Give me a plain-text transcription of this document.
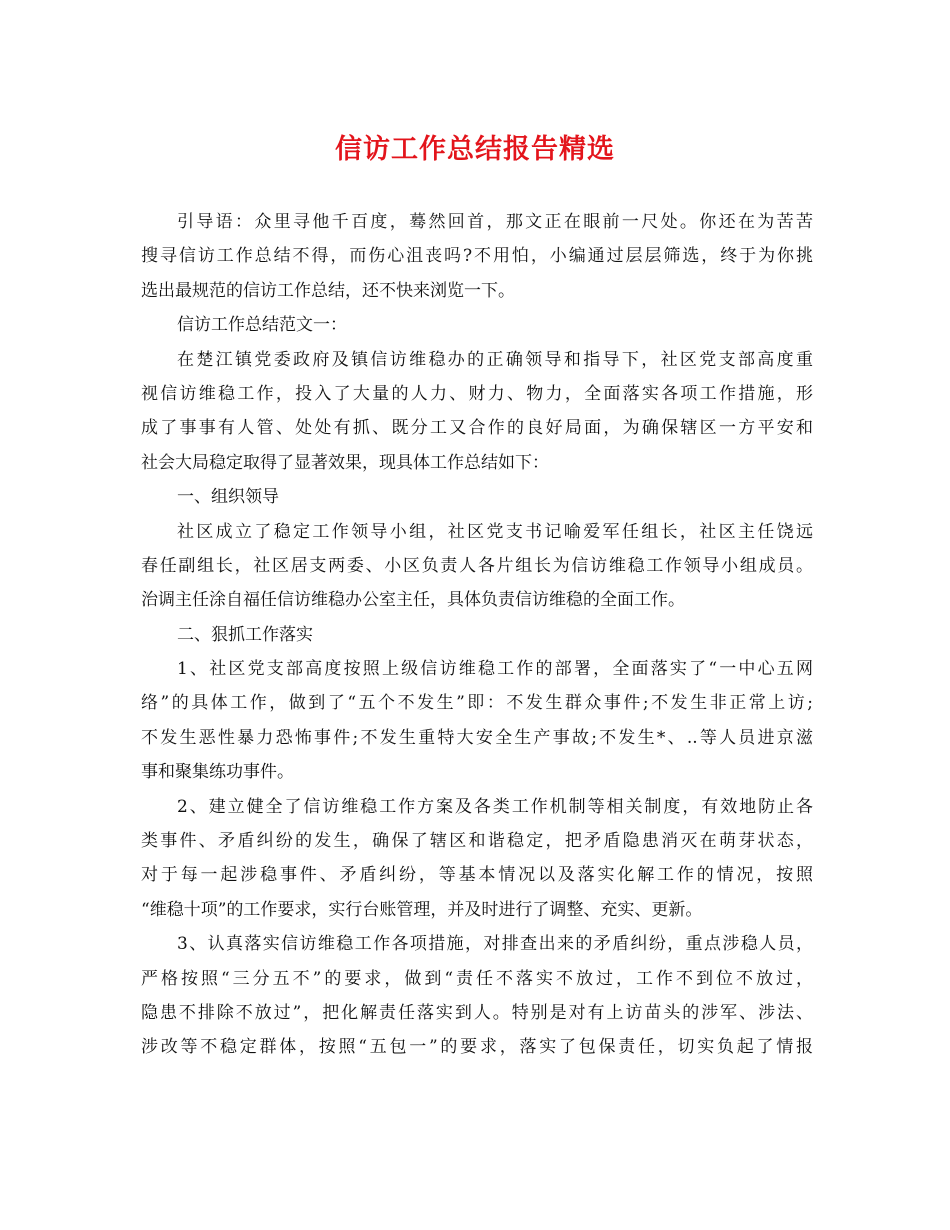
信访工作总结报告精选
引导语：众里寻他千百度，蓦然回首，那文正在眼前一尺处。你还在为苦苦
搜寻信访工作总结不得，而伤心沮丧吗?不用怕，小编通过层层筛选，终于为你挑
选出最规范的信访工作总结，还不快来浏览一下。
信访工作总结范文一：
在楚江镇党委政府及镇信访维稳办的正确领导和指导下，社区党支部高度重
视信访维稳工作，投入了大量的人力、财力、物力，全面落实各项工作措施，形
成了事事有人管、处处有抓、既分工又合作的良好局面，为确保辖区一方平安和
社会大局稳定取得了显著效果，现具体工作总结如下：
一、组织领导
社区成立了稳定工作领导小组，社区党支书记喻爱军任组长，社区主任饶远
春任副组长，社区居支两委、小区负责人各片组长为信访维稳工作领导小组成员。
治调主任涂自福任信访维稳办公室主任，具体负责信访维稳的全面工作。
二、狠抓工作落实
1、社区党支部高度按照上级信访维稳工作的部署，全面落实了“一中心五网
络”的具体工作，做到了“五个不发生”即：不发生群众事件;不发生非正常上访;
不发生恶性暴力恐怖事件;不发生重特大安全生产事故;不发生*、..等人员进京滋
事和聚集练功事件。
2、建立健全了信访维稳工作方案及各类工作机制等相关制度，有效地防止各
类事件、矛盾纠纷的发生，确保了辖区和谐稳定，把矛盾隐患消灭在萌芽状态，
对于每一起涉稳事件、矛盾纠纷，等基本情况以及落实化解工作的情况，按照
“维稳十项”的工作要求，实行台账管理，并及时进行了调整、充实、更新。
3、认真落实信访维稳工作各项措施，对排查出来的矛盾纠纷，重点涉稳人员，
严格按照“三分五不”的要求，做到“责任不落实不放过，工作不到位不放过，
隐患不排除不放过”，把化解责任落实到人。特别是对有上访苗头的涉军、涉法、
涉改等不稳定群体，按照“五包一”的要求，落实了包保责任，切实负起了情报
